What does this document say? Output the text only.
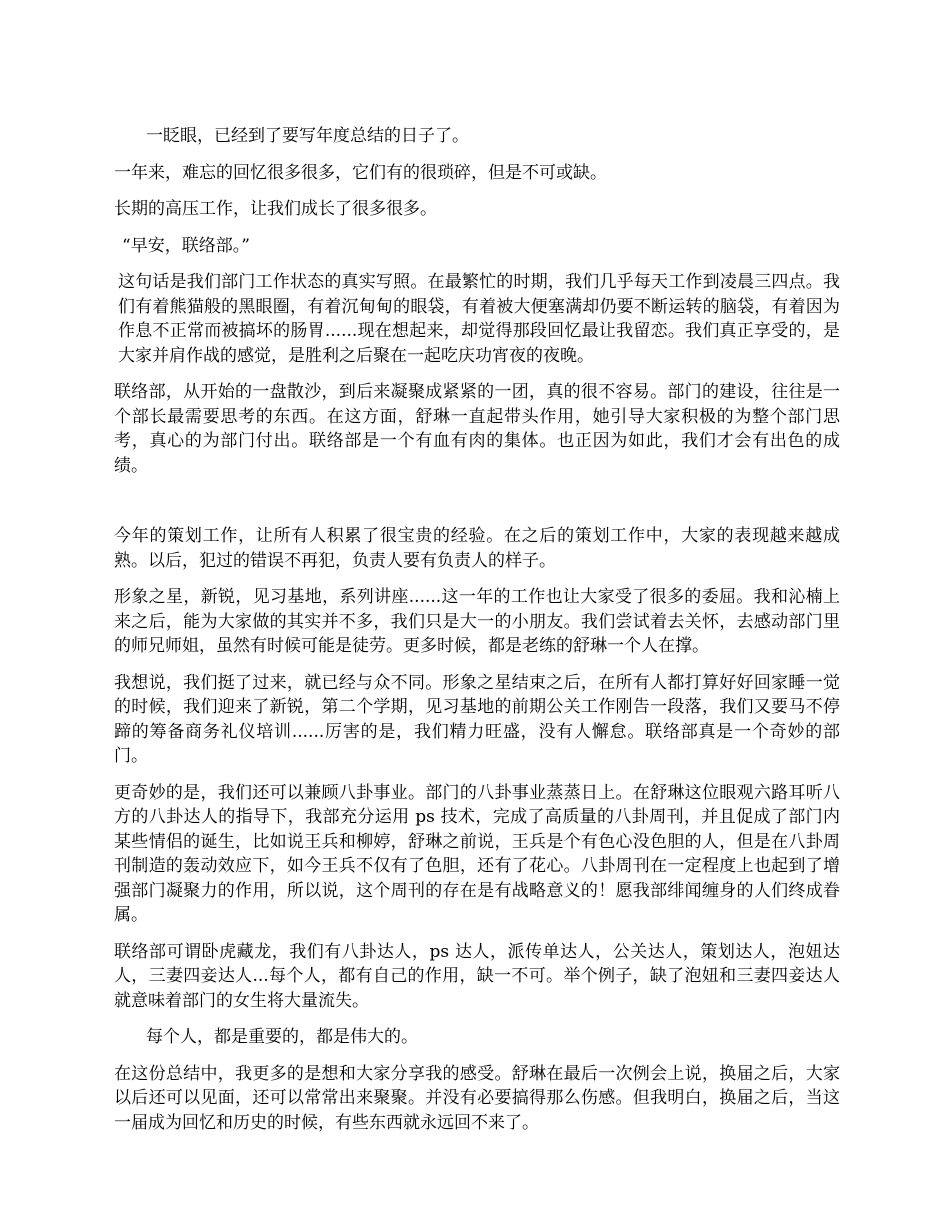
一眨眼，已经到了要写年度总结的日子了。

一年来，难忘的回忆很多很多，它们有的很琐碎，但是不可或缺。

长期的高压工作，让我们成长了很多很多。

“早安，联络部。”

这句话是我们部门工作状态的真实写照。在最繁忙的时期，我们几乎每天工作到凌晨三四点。我们有着熊猫般的黑眼圈，有着沉甸甸的眼袋，有着被大便塞满却仍要不断运转的脑袋，有着因为作息不正常而被搞坏的肠胃......现在想起来，却觉得那段回忆最让我留恋。我们真正享受的，是大家并肩作战的感觉，是胜利之后聚在一起吃庆功宵夜的夜晚。

联络部，从开始的一盘散沙，到后来凝聚成紧紧的一团，真的很不容易。部门的建设，往往是一个部长最需要思考的东西。在这方面，舒琳一直起带头作用，她引导大家积极的为整个部门思考，真心的为部门付出。联络部是一个有血有肉的集体。也正因为如此，我们才会有出色的成绩。

今年的策划工作，让所有人积累了很宝贵的经验。在之后的策划工作中，大家的表现越来越成熟。以后，犯过的错误不再犯，负责人要有负责人的样子。

形象之星，新锐，见习基地，系列讲座......这一年的工作也让大家受了很多的委屈。我和沁楠上来之后，能为大家做的其实并不多，我们只是大一的小朋友。我们尝试着去关怀，去感动部门里的师兄师姐，虽然有时候可能是徒劳。更多时候，都是老练的舒琳一个人在撑。

我想说，我们挺了过来，就已经与众不同。形象之星结束之后，在所有人都打算好好回家睡一觉的时候，我们迎来了新锐，第二个学期，见习基地的前期公关工作刚告一段落，我们又要马不停蹄的筹备商务礼仪培训......厉害的是，我们精力旺盛，没有人懈怠。联络部真是一个奇妙的部门。

更奇妙的是，我们还可以兼顾八卦事业。部门的八卦事业蒸蒸日上。在舒琳这位眼观六路耳听八方的八卦达人的指导下，我部充分运用 ps 技术，完成了高质量的八卦周刊，并且促成了部门内某些情侣的诞生，比如说王兵和柳婷，舒琳之前说，王兵是个有色心没色胆的人，但是在八卦周刊制造的轰动效应下，如今王兵不仅有了色胆，还有了花心。八卦周刊在一定程度上也起到了增强部门凝聚力的作用，所以说，这个周刊的存在是有战略意义的！愿我部绯闻缠身的人们终成眷属。

联络部可谓卧虎藏龙，我们有八卦达人，ps 达人，派传单达人，公关达人，策划达人，泡妞达人，三妻四妾达人...每个人，都有自己的作用，缺一不可。举个例子，缺了泡妞和三妻四妾达人就意味着部门的女生将大量流失。

每个人，都是重要的，都是伟大的。

在这份总结中，我更多的是想和大家分享我的感受。舒琳在最后一次例会上说，换届之后，大家以后还可以见面，还可以常常出来聚聚。并没有必要搞得那么伤感。但我明白，换届之后，当这一届成为回忆和历史的时候，有些东西就永远回不来了。
